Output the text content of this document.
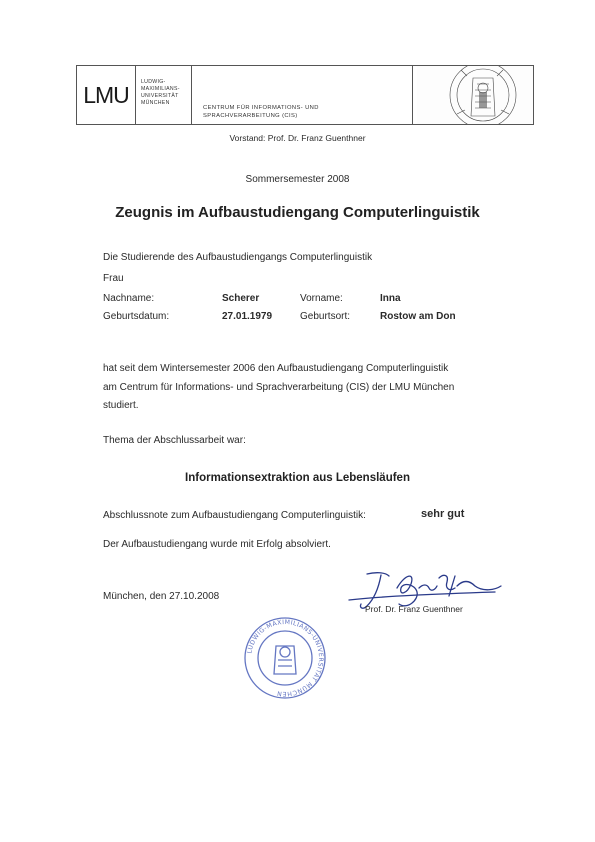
LMU LUDWIG-
MAXIMILIANS-
UNIVERSITÄT
MÜNCHEN
CENTRUM FÜR INFORMATIONS- UND
SPRACHVERARBEITUNG (CIS)
Vorstand: Prof. Dr. Franz Guenthner
Sommersemester 2008
Zeugnis im Aufbaustudiengang Computerlinguistik
Die Studierende des Aufbaustudiengangs Computerlinguistik
Frau
Nachname:	Scherer	Vorname:	Inna
Geburtsdatum:	27.01.1979	Geburtsort:	Rostow am Don
hat seit dem Wintersemester 2006 den Aufbaustudiengang Computerlinguistik
am Centrum für Informations- und Sprachverarbeitung (CIS) der LMU München
studiert.
Thema der Abschlussarbeit war:
Informationsextraktion aus Lebensläufen
Abschlussnote zum Aufbaustudiengang Computerlinguistik:	sehr gut
Der Aufbaustudiengang wurde mit Erfolg absolviert.
München, den 27.10.2008
Prof. Dr. Franz Guenthner
LUDWIG-MAXIMILIANS-UNIVERSITÄT MÜNCHEN
